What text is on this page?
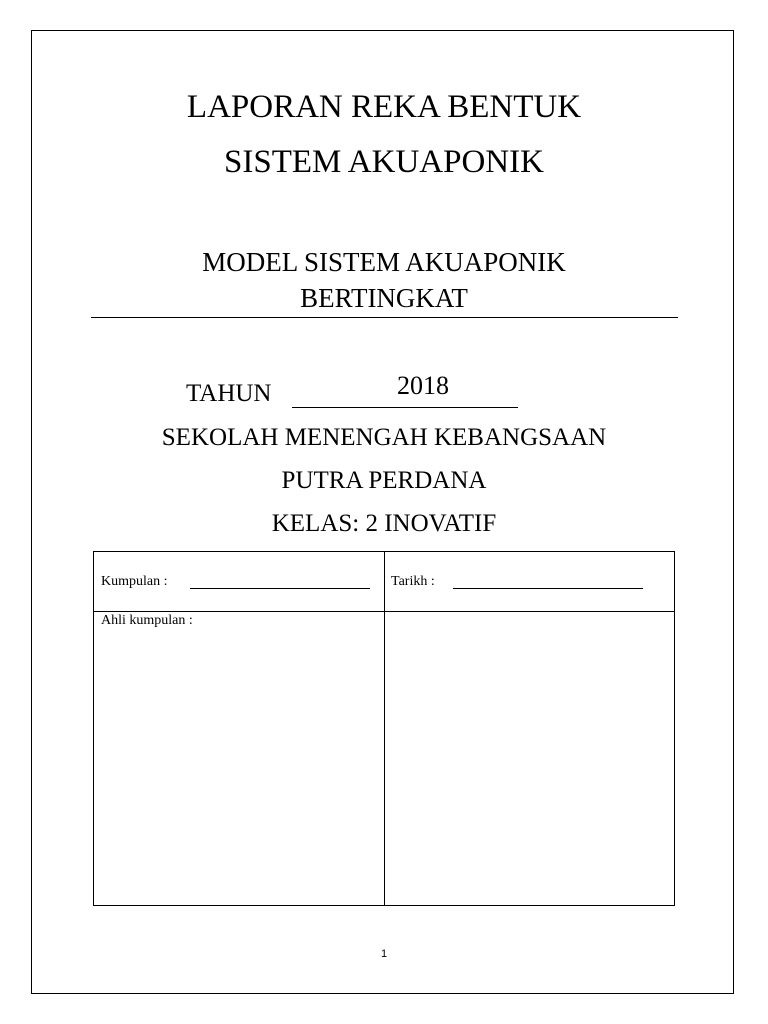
LAPORAN REKA BENTUK
SISTEM AKUAPONIK
MODEL SISTEM AKUAPONIK
BERTINGKAT
TAHUN	2018
SEKOLAH MENENGAH KEBANGSAAN
PUTRA PERDANA
KELAS: 2 INOVATIF
Kumpulan :	Tarikh :
Ahli kumpulan :
1
